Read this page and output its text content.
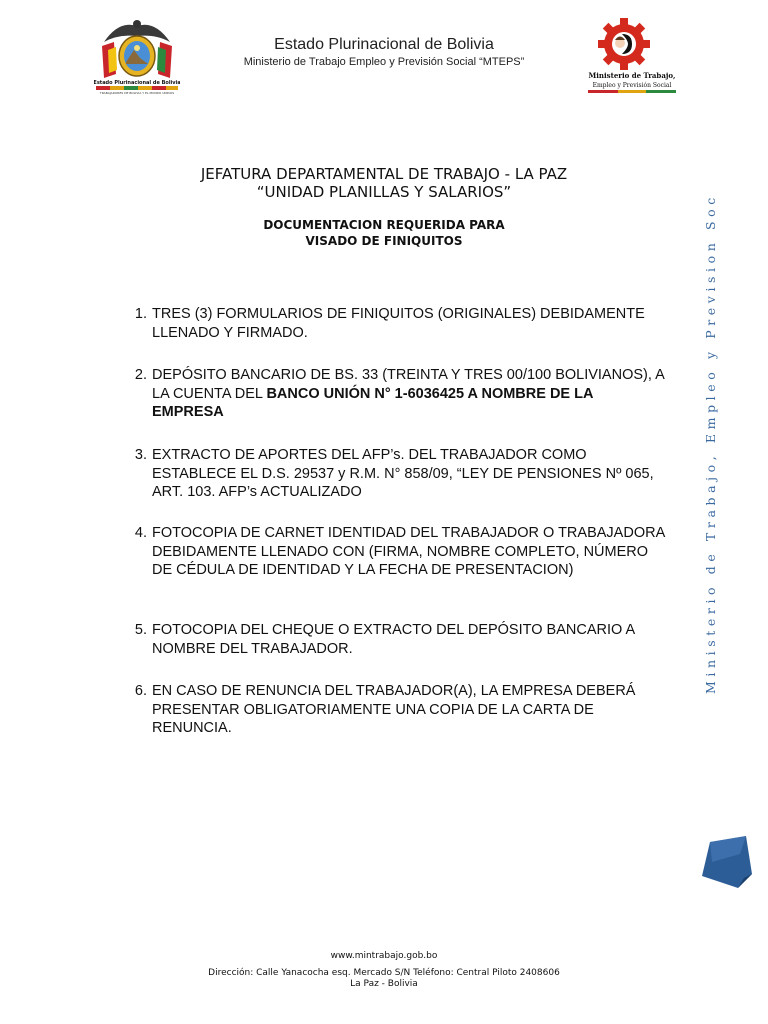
Estado Plurinacional de Bolivia
TRABAJADORES DE BOLIVIA Y EL MUNDO UNIDOS
Estado Plurinacional de Bolivia
Ministerio de Trabajo Empleo y Previsión Social “MTEPS”
Ministerio de Trabajo,
Empleo y Previsión Social
JEFATURA DEPARTAMENTAL DE TRABAJO - LA PAZ
“UNIDAD PLANILLAS Y SALARIOS”
DOCUMENTACION REQUERIDA PARA
VISADO DE FINIQUITOS
1. TRES (3) FORMULARIOS DE FINIQUITOS (ORIGINALES) DEBIDAMENTE LLENADO Y FIRMADO.
2. DEPÓSITO BANCARIO DE BS. 33 (TREINTA Y TRES 00/100 BOLIVIANOS), A LA CUENTA DEL BANCO UNIÓN N° 1-6036425 A NOMBRE DE LA EMPRESA
3. EXTRACTO DE APORTES DEL AFP’s. DEL TRABAJADOR COMO ESTABLECE EL D.S. 29537 y R.M. N° 858/09, “LEY DE PENSIONES Nº 065, ART. 103. AFP’s ACTUALIZADO
4. FOTOCOPIA DE CARNET IDENTIDAD DEL TRABAJADOR O TRABAJADORA DEBIDAMENTE LLENADO CON (FIRMA, NOMBRE COMPLETO, NÚMERO DE CÉDULA DE IDENTIDAD Y LA FECHA DE PRESENTACION)
5. FOTOCOPIA DEL CHEQUE O EXTRACTO DEL DEPÓSITO BANCARIO A NOMBRE DEL TRABAJADOR.
6. EN CASO DE RENUNCIA DEL TRABAJADOR(A), LA EMPRESA DEBERÁ PRESENTAR OBLIGATORIAMENTE UNA COPIA DE LA CARTA DE RENUNCIA.
Ministerio de Trabajo, Empleo y Prevision Social
www.mintrabajo.gob.bo
Dirección: Calle Yanacocha esq. Mercado S/N Teléfono: Central Piloto 2408606
La Paz - Bolivia
